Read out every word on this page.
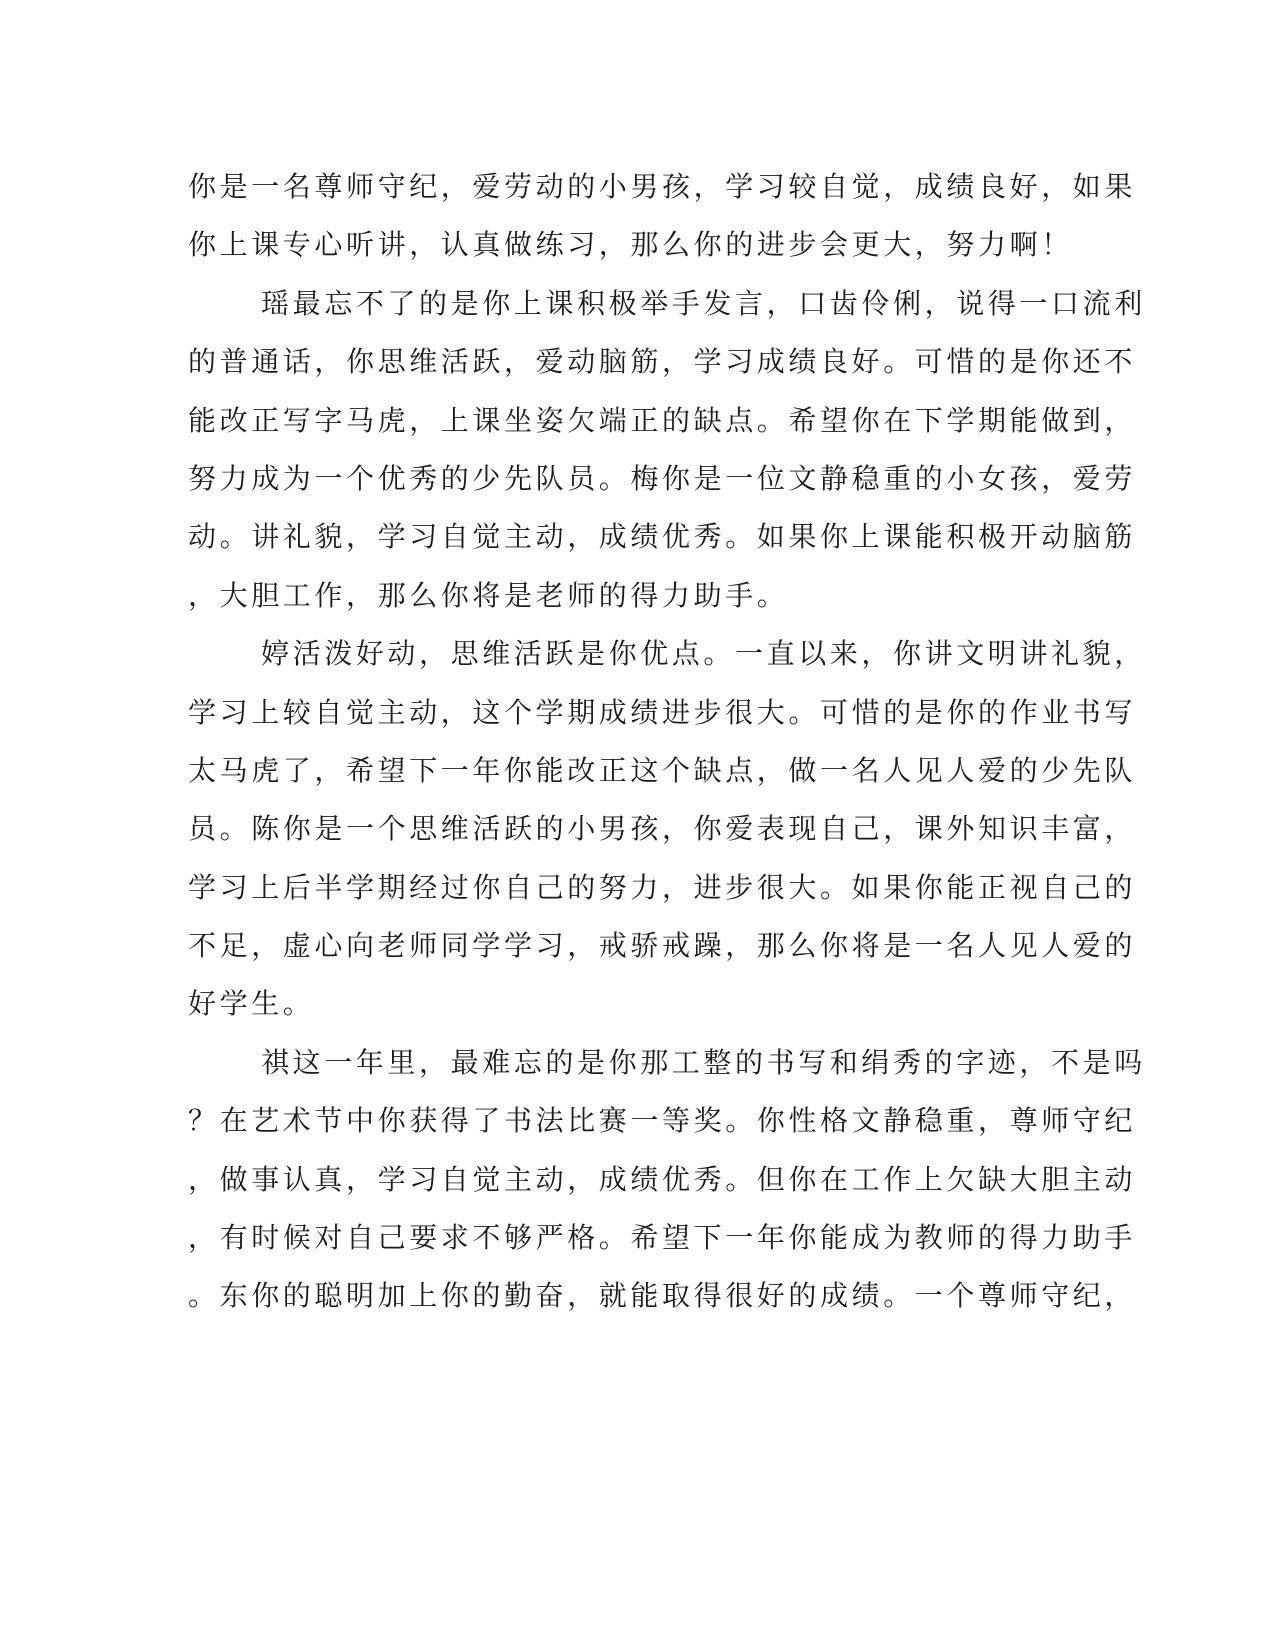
你是一名尊师守纪，爱劳动的小男孩，学习较自觉，成绩良好，如果
你上课专心听讲，认真做练习，那么你的进步会更大，努力啊！
瑶最忘不了的是你上课积极举手发言，口齿伶俐，说得一口流利
的普通话，你思维活跃，爱动脑筋，学习成绩良好。可惜的是你还不
能改正写字马虎，上课坐姿欠端正的缺点。希望你在下学期能做到，
努力成为一个优秀的少先队员。梅你是一位文静稳重的小女孩，爱劳
动。讲礼貌，学习自觉主动，成绩优秀。如果你上课能积极开动脑筋
，大胆工作，那么你将是老师的得力助手。
婷活泼好动，思维活跃是你优点。一直以来，你讲文明讲礼貌，
学习上较自觉主动，这个学期成绩进步很大。可惜的是你的作业书写
太马虎了，希望下一年你能改正这个缺点，做一名人见人爱的少先队
员。陈你是一个思维活跃的小男孩，你爱表现自己，课外知识丰富，
学习上后半学期经过你自己的努力，进步很大。如果你能正视自己的
不足，虚心向老师同学学习，戒骄戒躁，那么你将是一名人见人爱的
好学生。
祺这一年里，最难忘的是你那工整的书写和绢秀的字迹，不是吗
？在艺术节中你获得了书法比赛一等奖。你性格文静稳重，尊师守纪
，做事认真，学习自觉主动，成绩优秀。但你在工作上欠缺大胆主动
，有时候对自己要求不够严格。希望下一年你能成为教师的得力助手
。东你的聪明加上你的勤奋，就能取得很好的成绩。一个尊师守纪，
